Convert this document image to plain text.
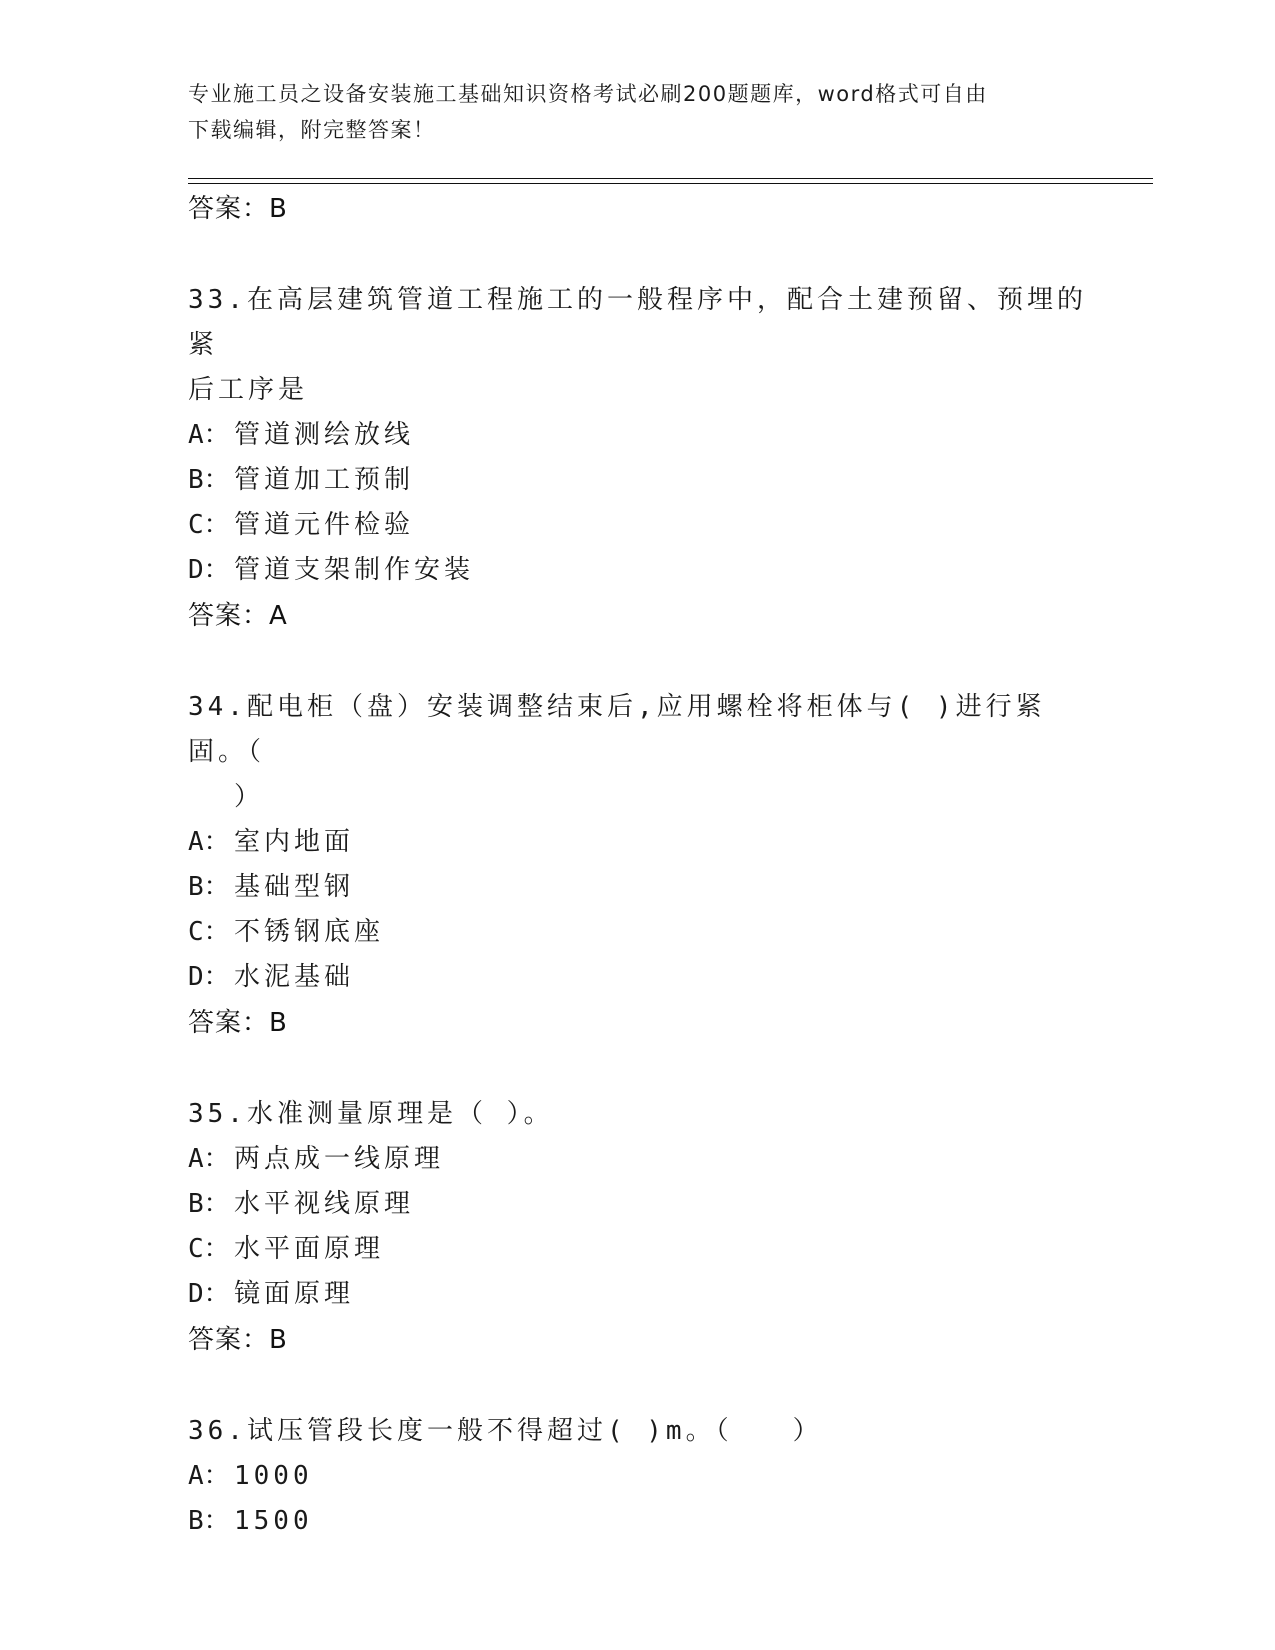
专业施工员之设备安装施工基础知识资格考试必刷200题题库，word格式可自由
下载编辑，附完整答案！
答案：B
33.在高层建筑管道工程施工的一般程序中，配合土建预留、预埋的紧
后工序是
A： 管道测绘放线
B： 管道加工预制
C： 管道元件检验
D： 管道支架制作安装
答案：A
34.配电柜（盘）安装调整结束后,应用螺栓将柜体与( )进行紧固。（
）
A： 室内地面
B： 基础型钢
C： 不锈钢底座
D： 水泥基础
答案：B
35.水准测量原理是（ ）。
A： 两点成一线原理
B： 水平视线原理
C： 水平面原理
D： 镜面原理
答案：B
36.试压管段长度一般不得超过( )m。（　　）
A： 1000
B： 1500
